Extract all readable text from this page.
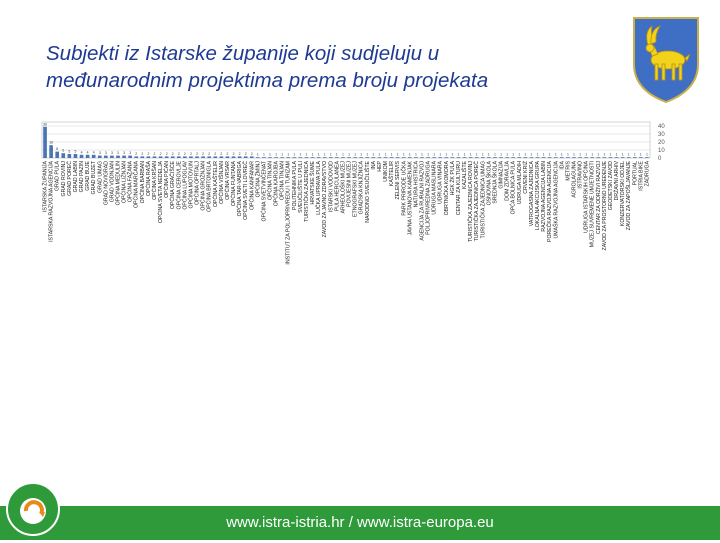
Subjekti iz Istarske županije koji sudjeluju u
međunarodnim projektima prema broju projekata
39
16
8 6 5 5 4 4 4 3 3 3 3 3 3 2 2 2 2 2 2 2 2 2 2 2 2 2 2 2 2 2 2 2 2 1 1 1 1 1 1 1 1 1 1 1 1 1 1 1 1 1 1 1 1 1 1 1 1 1 1 1 1 1 1 1 1 1 1 1 1 1 1 1 1 1 1 1 1 1 1 1 1 1 1 1 1 1 1 1 1 1 1 1 1 1 1 1 1 1
ISTARSKA ŽUPANIJA ISTARSKA RAZVOJNA AGENCIJA GRAD PULA GRAD ROVINJ GRAD POREČ GRAD LABIN GRAD PAZIN GRAD BUJE GRAD BUZET GRAD UMAG GRAD NOVIGRAD GRAD VODNJAN OPĆINA MEDULIN OPĆINA LIŽNJAN OPĆINA FAŽANA OPĆINA MARČANA OPĆINA BARBAN OPĆINA RAŠA OPĆINA KRŠAN OPĆINA SVETA NEDELJA OPĆINA PIĆAN OPĆINA GRAČIŠĆE OPĆINA CEROVLJE OPĆINA LUPOGLAV OPĆINA MOTOVUN OPĆINA OPRTALJ OPĆINA GROŽNJAN OPĆINA BRTONIGLA OPĆINA KAŠTELIR OPĆINA VIŠNJAN OPĆINA VRSAR OPĆINA FUNTANA OPĆINA TAR-VABRIGA OPĆINA SVETI LOVREČ OPĆINA KANFANAR OPĆINA ŽMINJ OPĆINA SVETVINČENAT OPĆINA TINJAN OPĆINA KAROJBA OPĆINA TINJAN INSTITUT ZA POLJOPRIVREDU I TURIZAM POLITEHNIKA PULA SVEUČILIŠTE U PULI TURISTIČKA ZAJEDNICA HRVATSKE ŠUME LUČKA UPRAVA PULA ZAVOD ZA JAVNO ZDRAVSTVO ISTARSKI VODOVOD PULA HERCULANEA ARHEOLOŠKI MUZEJ POVIJESNI MUZEJ ETNOGRAFSKI MUZEJ GRADSKA KNJIŽNICA NARODNO SVEUČILIŠTE INA HEP UNIKOM KAŠTELIR ZELENI SERVIS PARK PRIRODE UČKA JAVNA USTANOVA KAMENJAK NATURA HISTRICA AGENCIJA ZA RURALNI RAZVOJ POLJOPRIVREDNA ZADRUGA UDRUGA MASLINARA UDRUGA VINARA OBRTNIČKA KOMORA HGK ŽK PULA CENTAR ZA KULTURU KAZALIŠTE TURISTIČKA ZAJEDNICA ROVINJ TURISTIČKA ZAJEDNICA POREČ TURISTIČKA ZAJEDNICA UMAG OSNOVNA ŠKOLA SREDNJA ŠKOLA GIMNAZIJA DOM ZDRAVLJA OPĆA BOLNICA PULA UDRUGA MLADIH CRVENI KRIŽ VATROGASNA ZAJEDNICA LOKALNA AKCIJSKA GRUPA RAZVOJNA AGENCIJA LABIN POREČKA RAZVOJNA AGENCIJA UMAŠKA RAZVOJNA AGENCIJA IDA METRIS AGROLAGUNA ISTRAVINO UDRUGA ISTARSKIH OPĆINA MUZEJ SUVREMENE UMJETNOSTI CENTAR ZA ODRŽIVI RAZVOJ ZAVOD ZA PROSTORNO UREĐENJE GEODETSKI ZAVOD DRŽAVNI ARHIV KONZERVATORSKI ODJEL ZAVOD ZA ZAPOŠLJAVANJE PORTUAL ISTRIA BIKE ZADRUGA
0
10
20
30
40
www.istra-istria.hr / www.istra-europa.eu
